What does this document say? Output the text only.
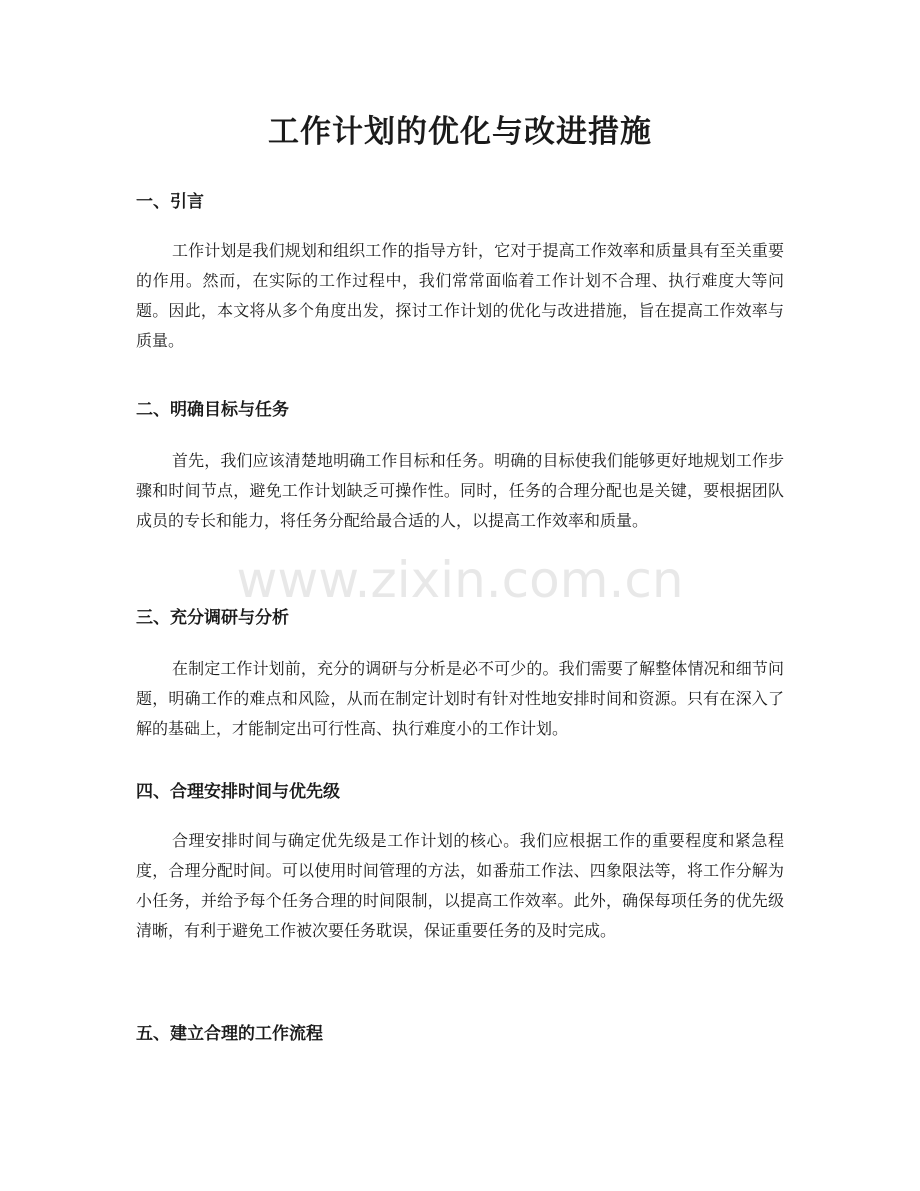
工作计划的优化与改进措施
一、引言

工作计划是我们规划和组织工作的指导方针，它对于提高工作效率和质量具有至关重要的作用。然而，在实际的工作过程中，我们常常面临着工作计划不合理、执行难度大等问题。因此，本文将从多个角度出发，探讨工作计划的优化与改进措施，旨在提高工作效率与质量。

二、明确目标与任务

首先，我们应该清楚地明确工作目标和任务。明确的目标使我们能够更好地规划工作步骤和时间节点，避免工作计划缺乏可操作性。同时，任务的合理分配也是关键，要根据团队成员的专长和能力，将任务分配给最合适的人，以提高工作效率和质量。

三、充分调研与分析

在制定工作计划前，充分的调研与分析是必不可少的。我们需要了解整体情况和细节问题，明确工作的难点和风险，从而在制定计划时有针对性地安排时间和资源。只有在深入了解的基础上，才能制定出可行性高、执行难度小的工作计划。

四、合理安排时间与优先级

合理安排时间与确定优先级是工作计划的核心。我们应根据工作的重要程度和紧急程度，合理分配时间。可以使用时间管理的方法，如番茄工作法、四象限法等，将工作分解为小任务，并给予每个任务合理的时间限制，以提高工作效率。此外，确保每项任务的优先级清晰，有利于避免工作被次要任务耽误，保证重要任务的及时完成。

五、建立合理的工作流程
www.zixin.com.cn
